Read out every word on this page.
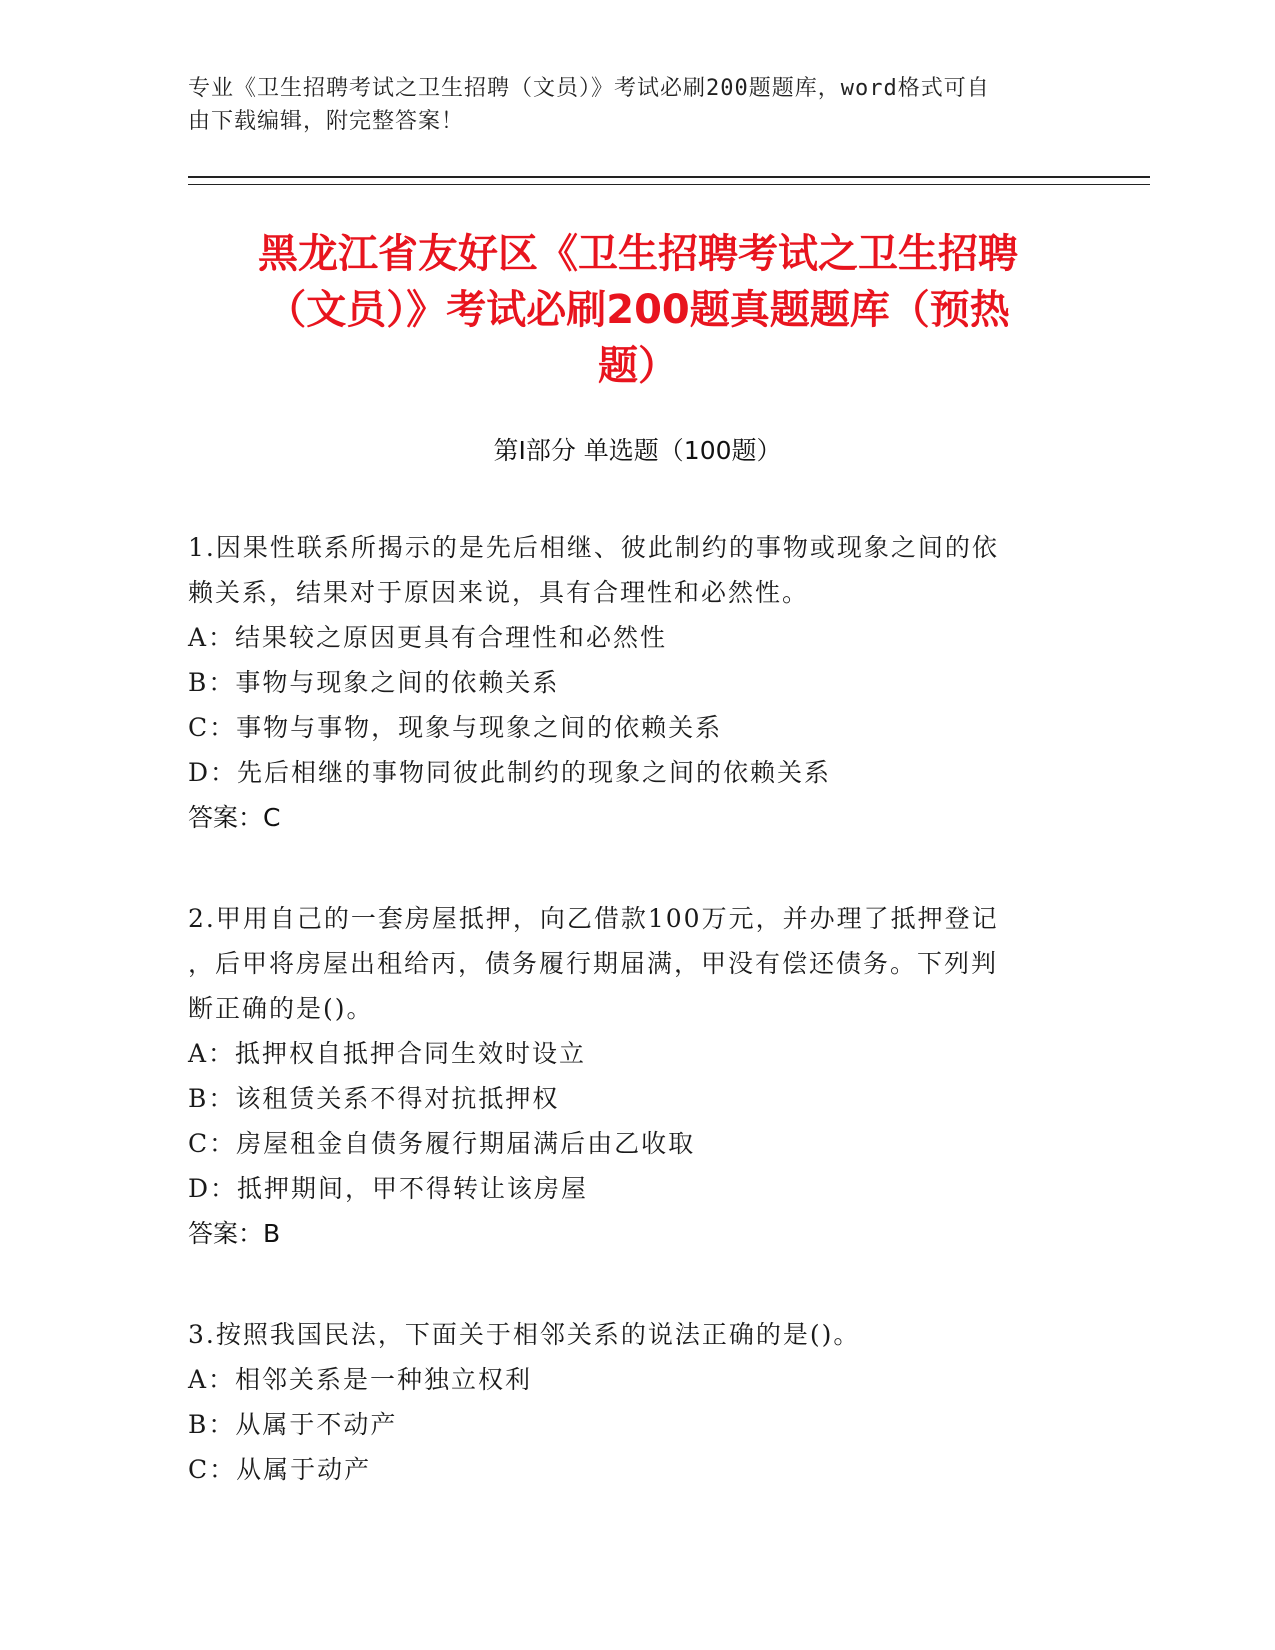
专业《卫生招聘考试之卫生招聘（文员）》考试必刷200题题库，word格式可自
由下载编辑，附完整答案！
黑龙江省友好区《卫生招聘考试之卫生招聘
（文员）》考试必刷200题真题题库（预热
题）
第Ⅰ部分 单选题（100题）
1.因果性联系所揭示的是先后相继、彼此制约的事物或现象之间的依
赖关系，结果对于原因来说，具有合理性和必然性。
A：结果较之原因更具有合理性和必然性
B：事物与现象之间的依赖关系
C：事物与事物，现象与现象之间的依赖关系
D：先后相继的事物同彼此制约的现象之间的依赖关系
答案：C
2.甲用自己的一套房屋抵押，向乙借款100万元，并办理了抵押登记
，后甲将房屋出租给丙，债务履行期届满，甲没有偿还债务。下列判
断正确的是()。
A：抵押权自抵押合同生效时设立
B：该租赁关系不得对抗抵押权
C：房屋租金自债务履行期届满后由乙收取
D：抵押期间，甲不得转让该房屋
答案：B
3.按照我国民法，下面关于相邻关系的说法正确的是()。
A：相邻关系是一种独立权利
B：从属于不动产
C：从属于动产
